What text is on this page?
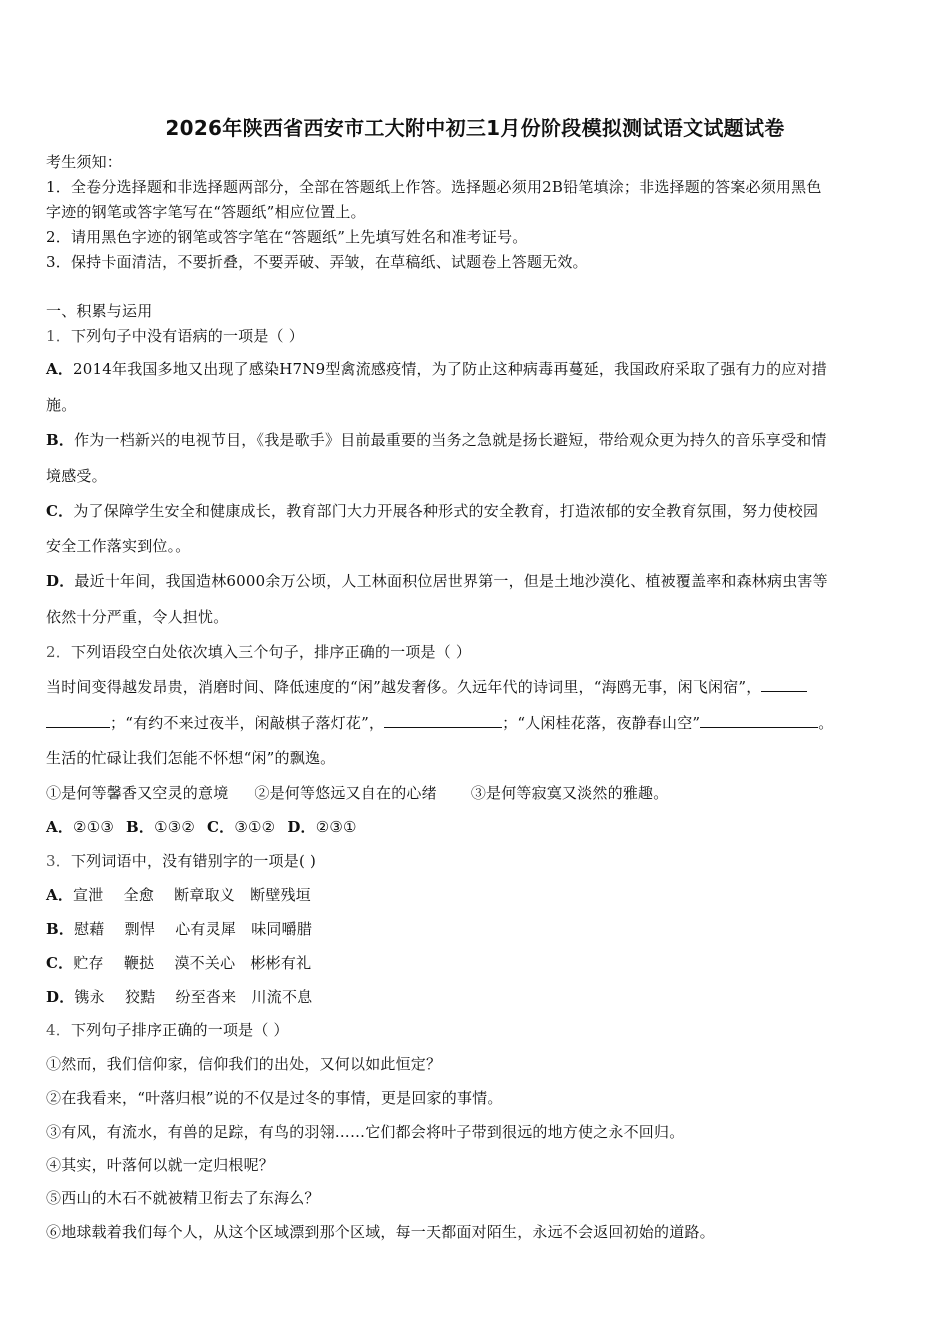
2026年陕西省西安市工大附中初三1月份阶段模拟测试语文试题试卷
考生须知：
1．全卷分选择题和非选择题两部分，全部在答题纸上作答。选择题必须用2B铅笔填涂；非选择题的答案必须用黑色
字迹的钢笔或答字笔写在“答题纸”相应位置上。
2．请用黑色字迹的钢笔或答字笔在“答题纸”上先填写姓名和准考证号。
3．保持卡面清洁，不要折叠，不要弄破、弄皱，在草稿纸、试题卷上答题无效。
一、积累与运用
1．下列句子中没有语病的一项是（ ）
A．2014年我国多地又出现了感染H7N9型禽流感疫情，为了防止这种病毒再蔓延，我国政府采取了强有力的应对措
施。
B．作为一档新兴的电视节目，《我是歌手》目前最重要的当务之急就是扬长避短，带给观众更为持久的音乐享受和情
境感受。
C．为了保障学生安全和健康成长，教育部门大力开展各种形式的安全教育，打造浓郁的安全教育氛围，努力使校园
安全工作落实到位。。
D．最近十年间，我国造林6000余万公顷，人工林面积位居世界第一，但是土地沙漠化、植被覆盖率和森林病虫害等
依然十分严重，令人担忧。
2．下列语段空白处依次填入三个句子，排序正确的一项是（ ）
当时间变得越发昂贵，消磨时间、降低速度的“闲”越发奢侈。久远年代的诗词里，“海鸥无事，闲飞闲宿”，
；“有约不来过夜半，闲敲棋子落灯花”，	；“人闲桂花落，夜静春山空”	。
生活的忙碌让我们怎能不怀想“闲”的飘逸。
①是何等馨香又空灵的意境 ②是何等悠远又自在的心绪 ③是何等寂寞又淡然的雅趣。
A．②①③ B．①③② C．③①② D．②③①
3．下列词语中，没有错别字的一项是( )
A．宣泄　 全愈　 断章取义　断壁残垣
B．慰藉　 剽悍　 心有灵犀　味同嚼腊
C．贮存　 鞭挞　 漠不关心　彬彬有礼
D．镌永　 狡黠　 纷至沓来　川流不息
4．下列句子排序正确的一项是（ ）
①然而，我们信仰家，信仰我们的出处，又何以如此恒定？
②在我看来，“叶落归根”说的不仅是过冬的事情，更是回家的事情。
③有风，有流水，有兽的足踪，有鸟的羽翎……它们都会将叶子带到很远的地方使之永不回归。
④其实，叶落何以就一定归根呢？
⑤西山的木石不就被精卫衔去了东海么？
⑥地球载着我们每个人，从这个区域漂到那个区域，每一天都面对陌生，永远不会返回初始的道路。
